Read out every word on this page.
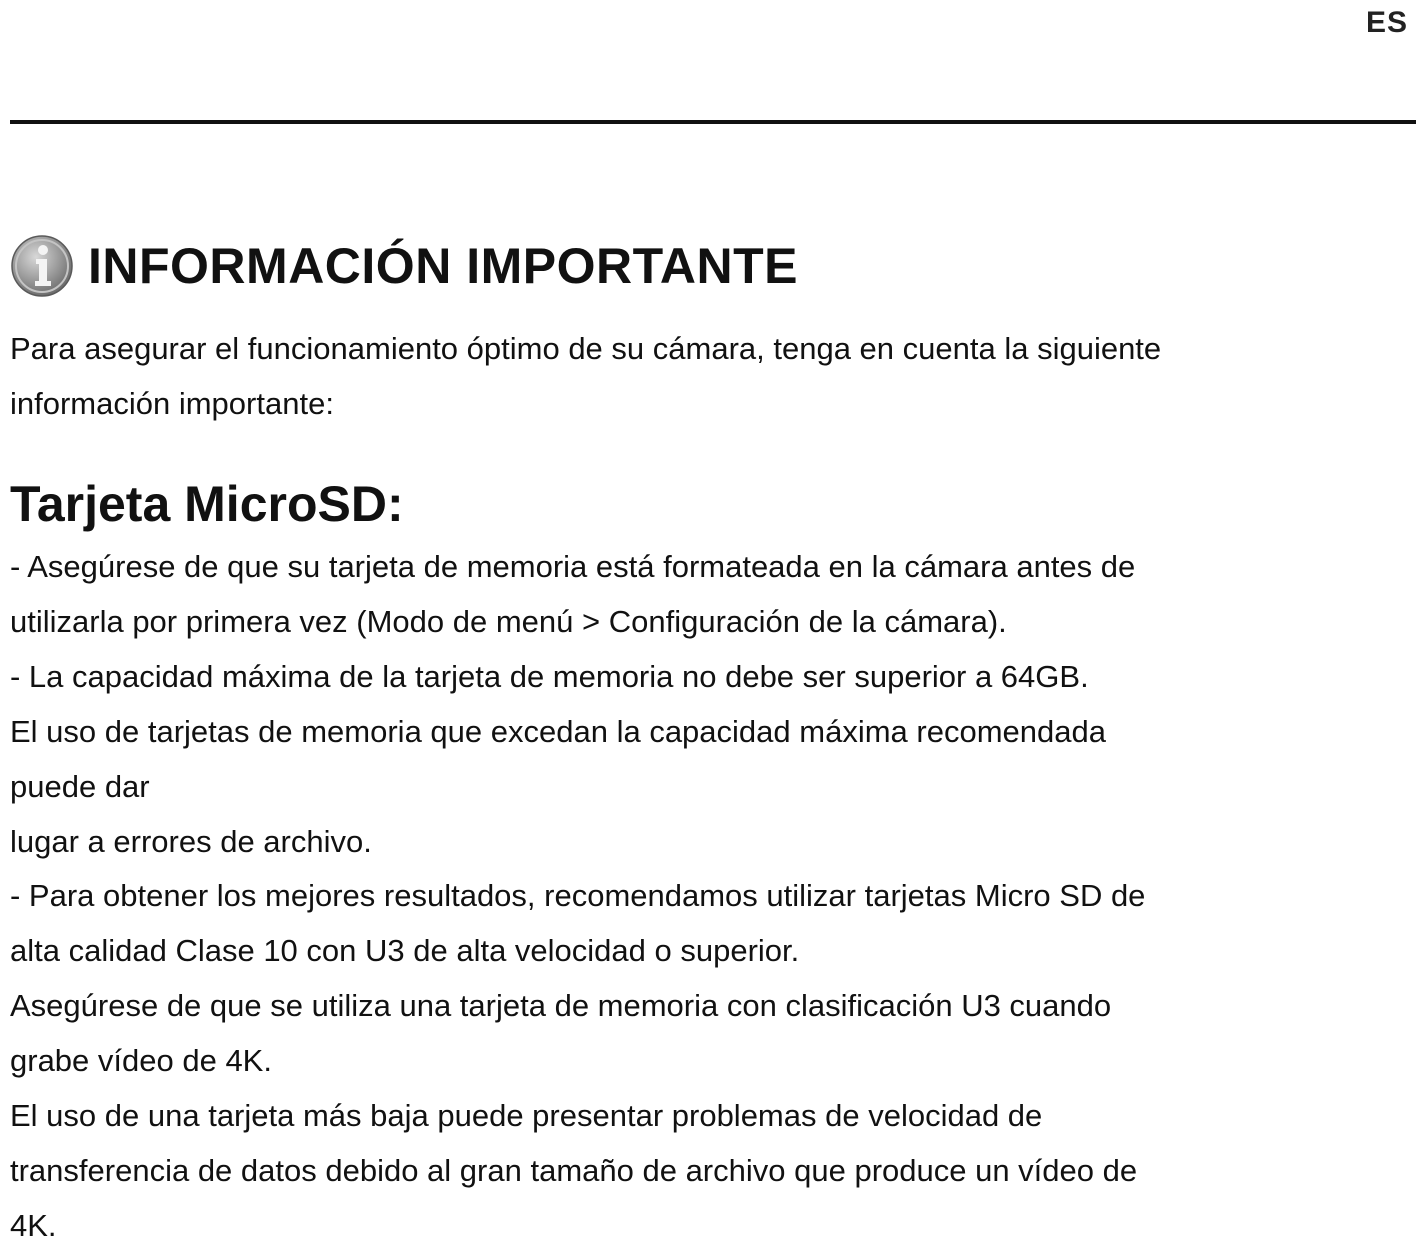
ES
INFORMACIÓN IMPORTANTE
Para asegurar el funcionamiento óptimo de su cámara, tenga en cuenta la siguiente
información importante:
Tarjeta MicroSD:
- Asegúrese de que su tarjeta de memoria está formateada en la cámara antes de
utilizarla por primera vez (Modo de menú > Configuración de la cámara).
- La capacidad máxima de la tarjeta de memoria no debe ser superior a 64GB.
El uso de tarjetas de memoria que excedan la capacidad máxima recomendada
puede dar
lugar a errores de archivo.
- Para obtener los mejores resultados, recomendamos utilizar tarjetas Micro SD de
alta calidad Clase 10 con U3 de alta velocidad o superior.
Asegúrese de que se utiliza una tarjeta de memoria con clasificación U3 cuando
grabe vídeo de 4K.
El uso de una tarjeta más baja puede presentar problemas de velocidad de
transferencia de datos debido al gran tamaño de archivo que produce un vídeo de
4K.
